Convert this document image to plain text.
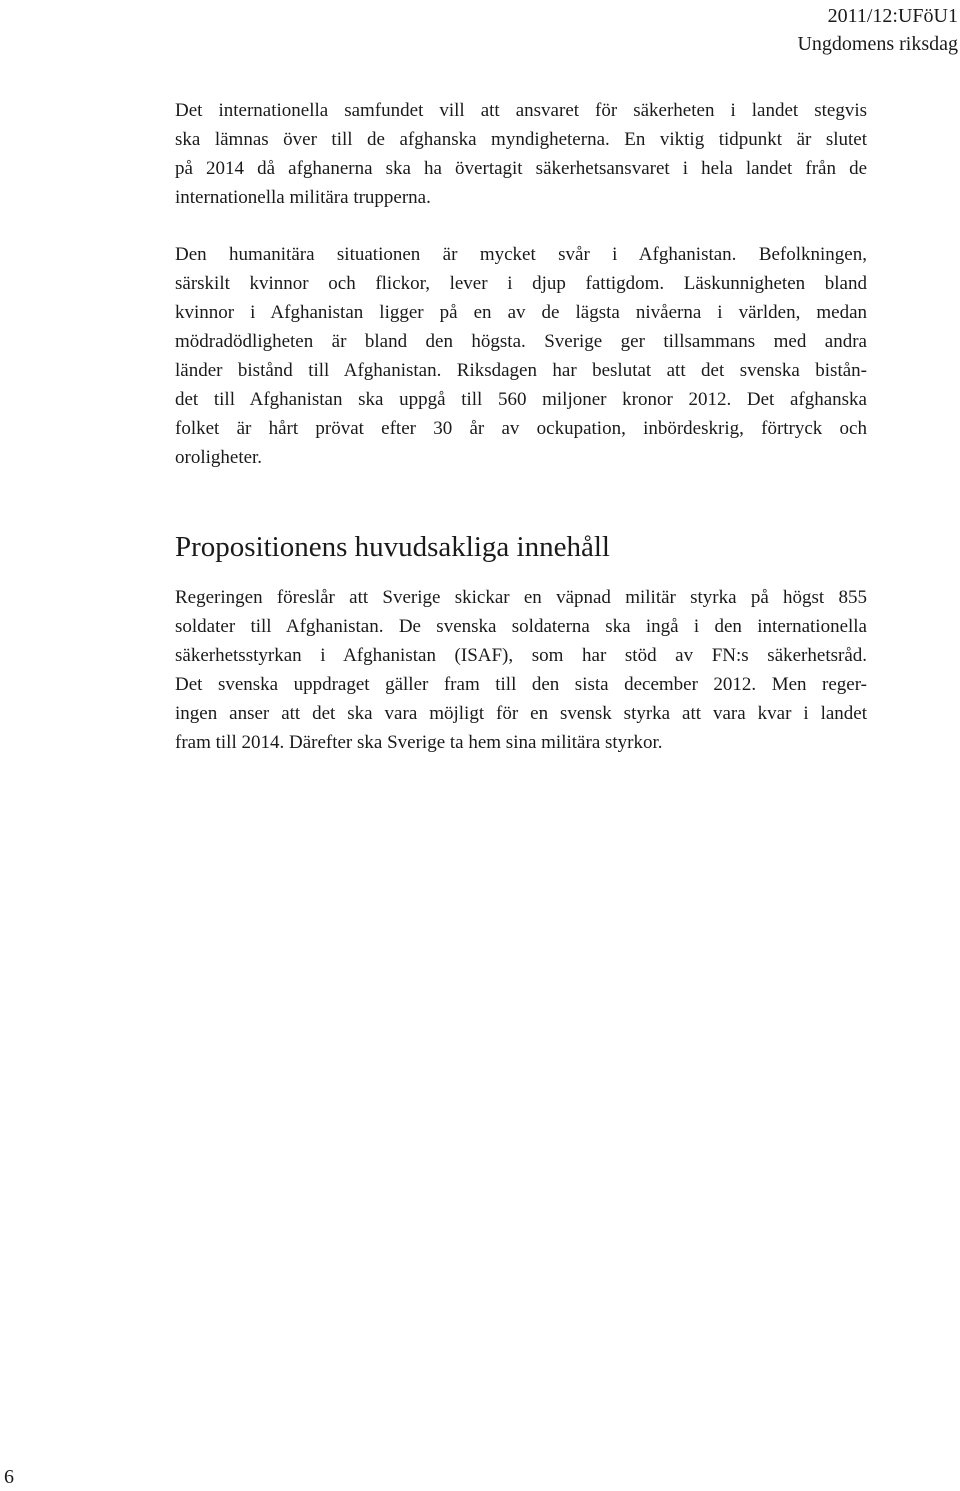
2011/12:UFöU1
Ungdomens riksdag
Det internationella samfundet vill att ansvaret för säkerheten i landet stegvis
ska lämnas över till de afghanska myndigheterna. En viktig tidpunkt är slutet
på 2014 då afghanerna ska ha övertagit säkerhetsansvaret i hela landet från de
internationella militära trupperna.
Den humanitära situationen är mycket svår i Afghanistan. Befolkningen,
särskilt kvinnor och flickor, lever i djup fattigdom. Läskunnigheten bland
kvinnor i Afghanistan ligger på en av de lägsta nivåerna i världen, medan
mödradödligheten är bland den högsta. Sverige ger tillsammans med andra
länder bistånd till Afghanistan. Riksdagen har beslutat att det svenska bistån-
det till Afghanistan ska uppgå till 560 miljoner kronor 2012. Det afghanska
folket är hårt prövat efter 30 år av ockupation, inbördeskrig, förtryck och
oroligheter.
Propositionens huvudsakliga innehåll
Regeringen föreslår att Sverige skickar en väpnad militär styrka på högst 855
soldater till Afghanistan. De svenska soldaterna ska ingå i den internationella
säkerhetsstyrkan i Afghanistan (ISAF), som har stöd av FN:s säkerhetsråd.
Det svenska uppdraget gäller fram till den sista december 2012. Men reger-
ingen anser att det ska vara möjligt för en svensk styrka att vara kvar i landet
fram till 2014. Därefter ska Sverige ta hem sina militära styrkor.
6
